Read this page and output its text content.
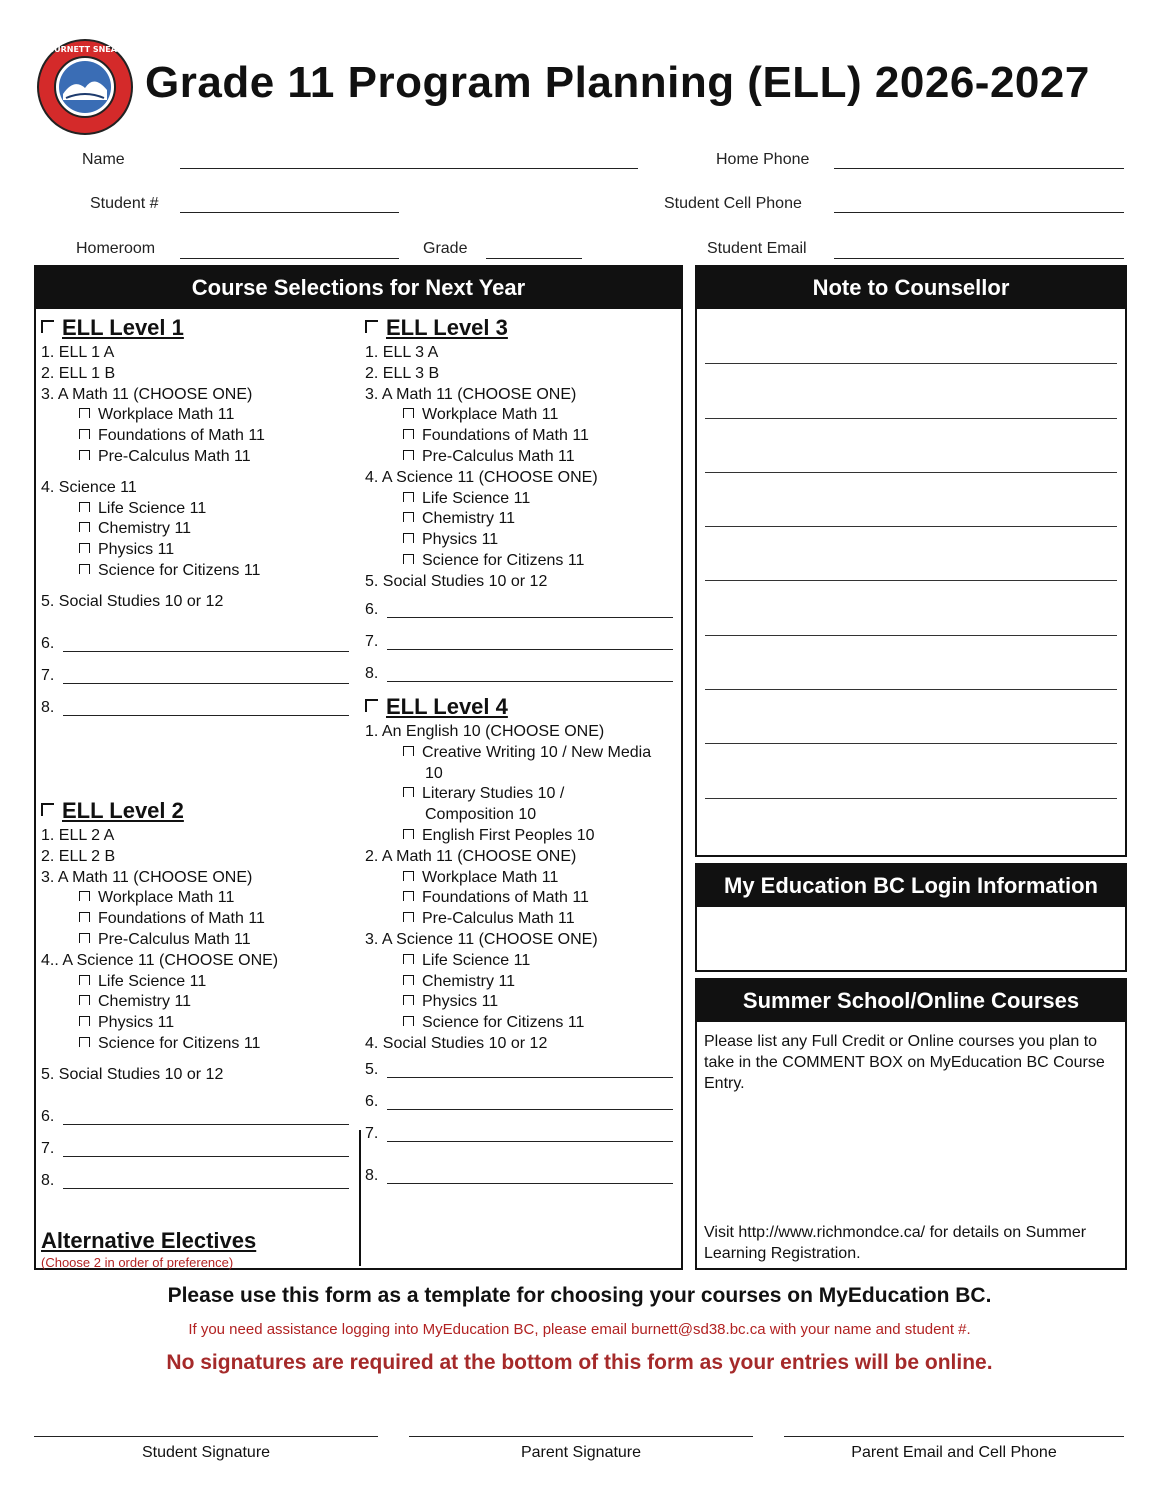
J.N. BURNETT SNEAKERS
Grade 11 Program Planning (ELL) 2026-2027
Name
Student #
Homeroom	Grade
Home Phone
Student Cell Phone
Student Email
Course Selections for Next Year
ELL Level 1
1. ELL 1 A
2. ELL 1 B
3. A Math 11 (CHOOSE ONE)
Workplace Math 11
Foundations of Math 11
Pre-Calculus Math 11
4. Science 11
Life Science 11
Chemistry 11
Physics 11
Science for Citizens 11
5. Social Studies 10 or 12
6.
7.
8.
ELL Level 2
1. ELL 2 A
2. ELL 2 B
3. A Math 11 (CHOOSE ONE)
Workplace Math 11
Foundations of Math 11
Pre-Calculus Math 11
4.. A Science 11 (CHOOSE ONE)
Life Science 11
Chemistry 11
Physics 11
Science for Citizens 11
5. Social Studies 10 or 12
6.
7.
8.
Alternative Electives
(Choose 2 in order of preference)
ELL Level 3
1. ELL 3 A
2. ELL 3 B
3. A Math 11 (CHOOSE ONE)
Workplace Math 11
Foundations of Math 11
Pre-Calculus Math 11
4. A Science 11 (CHOOSE ONE)
Life Science 11
Chemistry 11
Physics 11
Science for Citizens 11
5. Social Studies 10 or 12
6.
7.
8.
ELL Level 4
1. An English 10 (CHOOSE ONE)
Creative Writing 10 / New Media 10
Literary Studies 10 / Composition 10
English First Peoples 10
2. A Math 11 (CHOOSE ONE)
Workplace Math 11
Foundations of Math 11
Pre-Calculus Math 11
3. A Science 11 (CHOOSE ONE)
Life Science 11
Chemistry 11
Physics 11
Science for Citizens 11
4. Social Studies 10 or 12
5.
6.
7.
8.
Note to Counsellor
My Education BC Login Information
Summer School/Online Courses
Please list any Full Credit or Online courses you plan to take in the COMMENT BOX on MyEducation BC Course Entry.
Visit http://www.richmondce.ca/ for details on Summer Learning Registration.
Please use this form as a template for choosing your courses on MyEducation BC.
If you need assistance logging into MyEducation BC, please email burnett@sd38.bc.ca with your name and student #.
No signatures are required at the bottom of this form as your entries will be online.
Student Signature	Parent Signature	Parent Email and Cell Phone
